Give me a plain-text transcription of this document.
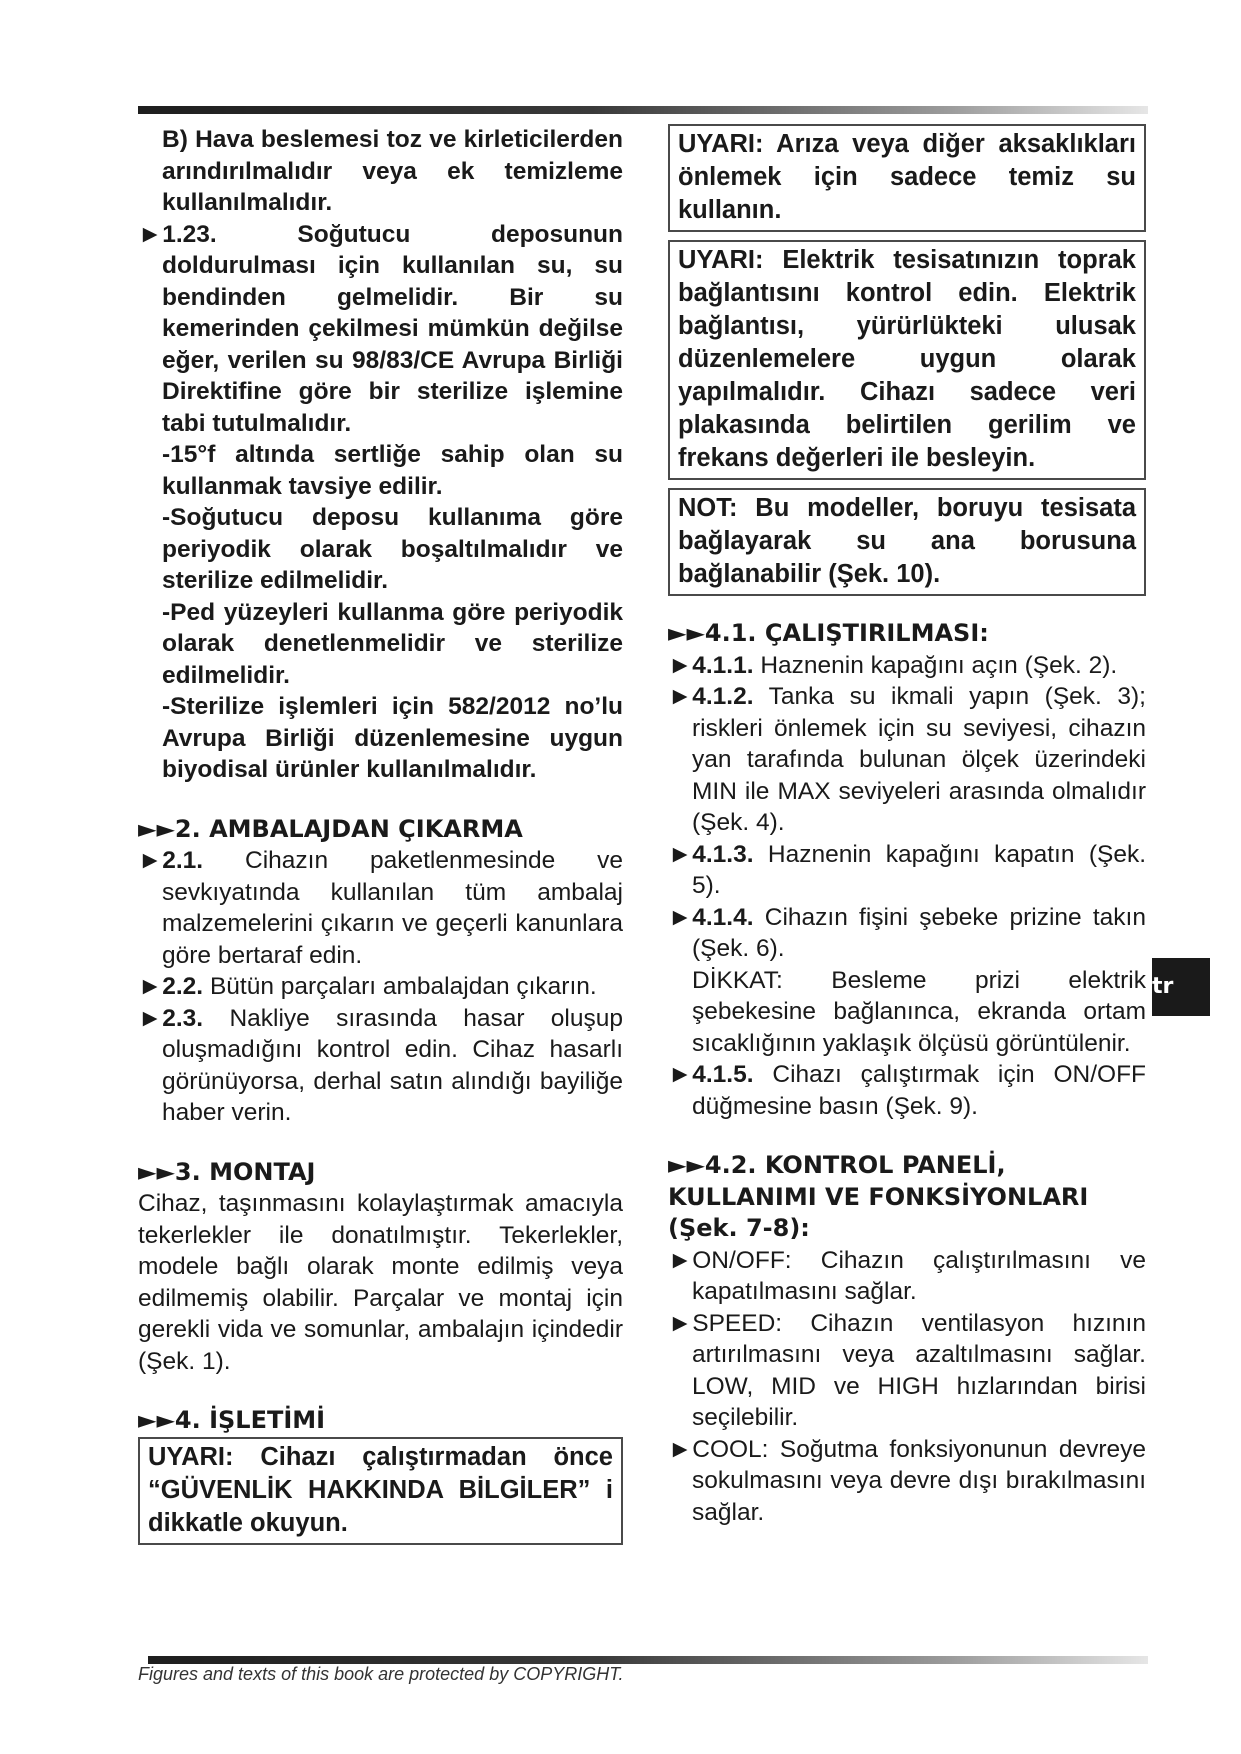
B) Hava beslemesi toz ve kirleticilerden arındırılmalıdır veya ek temizleme kullanılmalıdır.

►1.23.	Soğutucu deposunun doldurulması için kullanılan su, su bendinden gelmelidir. Bir su kemerinden çekilmesi mümkün değilse eğer, verilen su 98/83/CE Avrupa Birliği Direktifine göre bir sterilize işlemine tabi tutulmalıdır.

-15°f altında sertliğe sahip olan su kullanmak tavsiye edilir.

-Soğutucu deposu kullanıma göre periyodik olarak boşaltılmalıdır ve sterilize edilmelidir.

-Ped yüzeyleri kullanma göre periyodik olarak denetlenmelidir ve sterilize edilmelidir.

-Sterilize işlemleri için 582/2012 no’lu Avrupa Birliği düzenlemesine uygun biyodisal ürünler kullanılmalıdır.

►►2. AMBALAJDAN ÇIKARMA

►2.1. Cihazın paketlenmesinde ve sevkıyatında kullanılan tüm ambalaj malzemelerini çıkarın ve geçerli kanunlara göre bertaraf edin.

►2.2. Bütün parçaları ambalajdan çıkarın.

►2.3. Nakliye sırasında hasar oluşup oluşmadığını kontrol edin. Cihaz hasarlı görünüyorsa, derhal satın alındığı bayiliğe haber verin.

►►3. MONTAJ

Cihaz, taşınmasını kolaylaştırmak amacıyla tekerlekler ile donatılmıştır. Tekerlekler, modele bağlı olarak monte edilmiş veya edilmemiş olabilir. Parçalar ve montaj için gerekli vida ve somunlar, ambalajın içindedir (Şek. 1).

►►4. İŞLETİMİ

UYARI: Cihazı çalıştırmadan önce “GÜVENLİK HAKKINDA BİLGİLER” i dikkatle okuyun.
UYARI: Arıza veya diğer aksaklıkları önlemek için sadece temiz su kullanın.
UYARI: Elektrik tesisatınızın toprak bağlantısını kontrol edin. Elektrik bağlantısı, yürürlükteki ulusak düzenlemelere uygun olarak yapılmalıdır. Cihazı sadece veri plakasında belirtilen gerilim ve frekans değerleri ile besleyin.
NOT: Bu modeller, boruyu tesisata bağlayarak su ana borusuna bağlanabilir (Şek. 10).

►►4.1. ÇALIŞTIRILMASI:

►4.1.1. Haznenin kapağını açın (Şek. 2).

►4.1.2. Tanka su ikmali yapın (Şek. 3); riskleri önlemek için su seviyesi, cihazın yan tarafında bulunan ölçek üzerindeki MIN ile MAX seviyeleri arasında olmalıdır (Şek. 4).

►4.1.3. Haznenin kapağını kapatın (Şek. 5).

►4.1.4. Cihazın fişini şebeke prizine takın (Şek. 6).

DİKKAT: Besleme prizi elektrik şebekesine bağlanınca, ekranda ortam sıcaklığının yaklaşık ölçüsü görüntülenir.

►4.1.5. Cihazı çalıştırmak için ON/OFF düğmesine basın (Şek. 9).

►►4.2. KONTROL PANELİ, KULLANIMI VE FONKSİYONLARI (Şek. 7-8):

►ON/OFF: Cihazın çalıştırılmasını ve kapatılmasını sağlar.

►SPEED: Cihazın ventilasyon hızının artırılmasını veya azaltılmasını sağlar. LOW, MID ve HIGH hızlarından birisi seçilebilir.

►COOL: Soğutma fonksiyonunun devreye sokulmasını veya devre dışı bırakılmasını sağlar.

tr
Figures and texts of this book are protected by COPYRIGHT.
